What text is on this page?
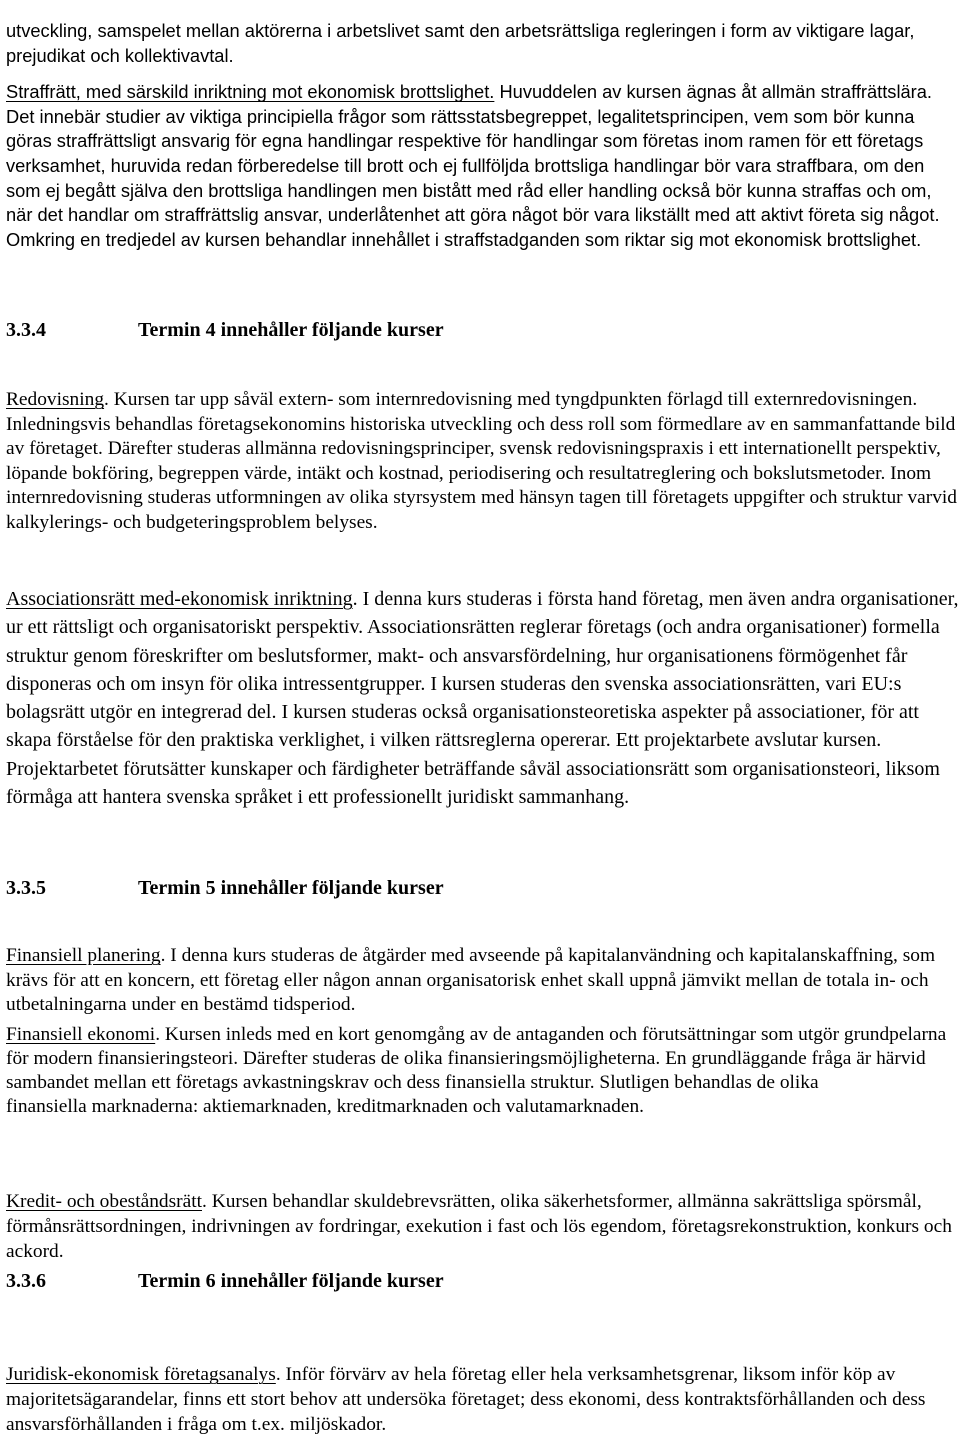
utveckling, samspelet mellan aktörerna i arbetslivet samt den arbetsrättsliga regleringen i form av viktigare lagar, prejudikat och kollektivavtal.

Straffrätt, med särskild inriktning mot ekonomisk brottslighet. Huvuddelen av kursen ägnas åt allmän straffrättslära. Det innebär studier av viktiga principiella frågor som rättsstatsbegreppet, legalitetsprincipen, vem som bör kunna göras straffrättsligt ansvarig för egna handlingar respektive för handlingar som företas inom ramen för ett företags verksamhet, huruvida redan förberedelse till brott och ej fullföljda brottsliga handlingar bör vara straffbara, om den som ej begått själva den brottsliga handlingen men bistått med råd eller handling också bör kunna straffas och om, när det handlar om straffrättslig ansvar, underlåtenhet att göra något bör vara likställt med att aktivt företa sig något. Omkring en tredjedel av kursen behandlar innehållet i straffstadganden som riktar sig mot ekonomisk brottslighet.

3.3.4	Termin 4 innehåller följande kurser

Redovisning. Kursen tar upp såväl extern- som internredovisning med tyngdpunkten förlagd till externredovisningen. Inledningsvis behandlas företagsekonomins historiska utveckling och dess roll som förmedlare av en sammanfattande bild av företaget. Därefter studeras allmänna redovisningsprinciper, svensk redovisningspraxis i ett internationellt perspektiv, löpande bokföring, begreppen värde, intäkt och kostnad, periodisering och resultatreglering och bokslutsmetoder. Inom internredovisning studeras utformningen av olika styrsystem med hänsyn tagen till företagets uppgifter och struktur varvid kalkylerings- och budgeteringsproblem belyses.

Associationsrätt med-ekonomisk inriktning. I denna kurs studeras i första hand företag, men även andra organisationer, ur ett rättsligt och organisatoriskt perspektiv. Associationsrätten reglerar företags (och andra organisationer) formella struktur genom föreskrifter om beslutsformer, makt- och ansvarsfördelning, hur organisationens förmögenhet får disponeras och om insyn för olika intressentgrupper. I kursen studeras den svenska associationsrätten, vari EU:s bolagsrätt utgör en integrerad del. I kursen studeras också organisationsteoretiska aspekter på associationer, för att skapa förståelse för den praktiska verklighet, i vilken rättsreglerna opererar. Ett projektarbete avslutar kursen. Projektarbetet förutsätter kunskaper och färdigheter beträffande såväl associationsrätt som organisationsteori, liksom förmåga att hantera svenska språket i ett professionellt juridiskt sammanhang.

3.3.5	Termin 5 innehåller följande kurser

Finansiell planering. I denna kurs studeras de åtgärder med avseende på kapitalanvändning och kapitalanskaffning, som krävs för att en koncern, ett företag eller någon annan organisatorisk enhet skall uppnå jämvikt mellan de totala in- och utbetalningarna under en bestämd tidsperiod.

Finansiell ekonomi. Kursen inleds med en kort genomgång av de antaganden och förutsättningar som utgör grundpelarna för modern finansieringsteori. Därefter studeras de olika finansieringsmöjligheterna. En grundläggande fråga är härvid sambandet mellan ett företags avkastningskrav och dess finansiella struktur. Slutligen behandlas de olika

finansiella marknaderna: aktiemarknaden, kreditmarknaden och valutamarknaden.

Kredit- och obeståndsrätt. Kursen behandlar skuldebrevsrätten, olika säkerhetsformer, allmänna sakrättsliga spörsmål, förmånsrättsordningen, indrivningen av fordringar, exekution i fast och lös egendom, företagsrekonstruktion, konkurs och ackord.

3.3.6	Termin 6 innehåller följande kurser

Juridisk-ekonomisk företagsanalys. Inför förvärv av hela företag eller hela verksamhetsgrenar, liksom inför köp av majoritetsägarandelar, finns ett stort behov att undersöka företaget; dess ekonomi, dess kontraktsförhållanden och dess ansvarsförhållanden i fråga om t.ex. miljöskador.
